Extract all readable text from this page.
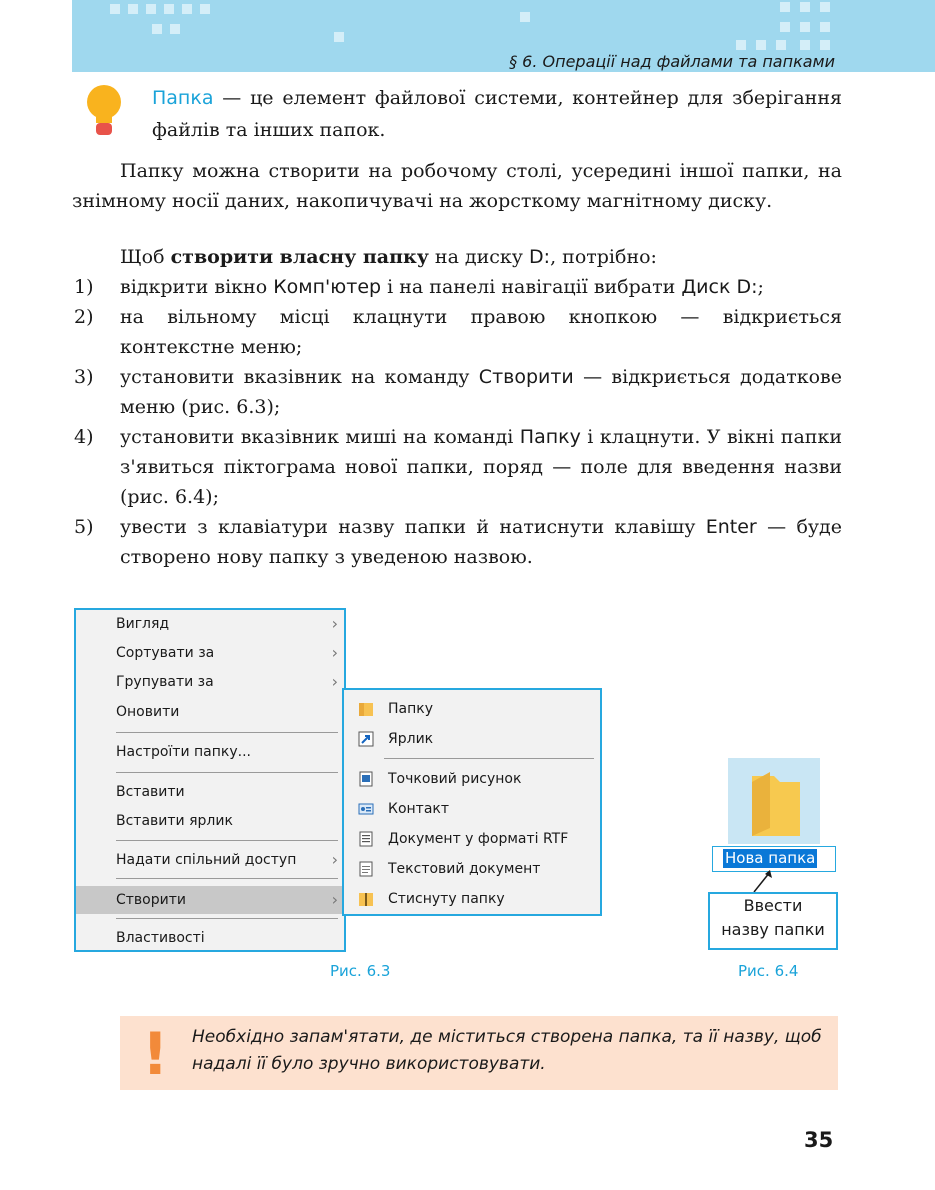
§ 6. Операції над файлами та папками
Папка — це елемент файлової системи, контейнер для зберігання файлів та інших папок.

Папку можна створити на робочому столі, усередині іншої папки, на знімному носії даних, накопичувачі на жорсткому магнітному диску.

Щоб створити власну папку на диску D:, потрібно:

1) відкрити вікно Комп'ютер і на панелі навігації вибрати Диск D:;
2) на вільному місці клацнути правою кнопкою — відкриється контекстне меню;
3) установити вказівник на команду Створити — відкриється додаткове меню (рис. 6.3);
4) установити вказівник миші на команді Папку і клацнути. У вікні папки з'явиться піктограма нової папки, поряд — поле для введення назви (рис. 6.4);
5) увести з клавіатури назву папки й натиснути клавішу Enter — буде створено нову папку з уведеною назвою.
Вигляд	›
Сортувати за	›
Групувати за	›
Оновити
Настроїти папку...
Вставити
Вставити ярлик
Надати спільний доступ ›
Створити	›
Властивості
Папку
Ярлик
Точковий рисунок
Контакт
Документ у форматі RTF
Текстовий документ
Стиснуту папку
Рис. 6.3
Нова папка
Ввести
назву папки
Рис. 6.4
! Необхідно запам'ятати, де міститься створена папка, та її назву, щоб надалі її було зручно використовувати.
35
